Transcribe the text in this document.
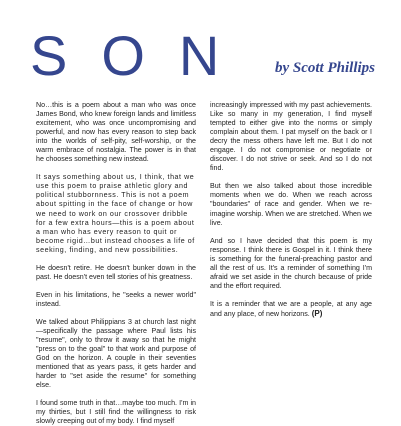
SON by Scott Phillips

No…this is a poem about a man who was once James Bond, who knew foreign lands and limitless excitement, who was once uncompromising and powerful, and now has every reason to step back into the worlds of self-pity, self-worship, or the warm embrace of nostalgia. The power is in that he chooses something new instead.

It says something about us, I think, that we use this poem to praise athletic glory and political stubbornness. This is not a poem about spitting in the face of change or how we need to work on our crossover dribble for a few extra hours—this is a poem about a man who has every reason to quit or become rigid…but instead chooses a life of seeking, finding, and new possibilities.

He doesn't retire. He doesn't bunker down in the past. He doesn't even tell stories of his greatness.

Even in his limitations, he "seeks a newer world" instead.

We talked about Philippians 3 at church last night—specifically the passage where Paul lists his "resume", only to throw it away so that he might "press on to the goal" to that work and purpose of God on the horizon. A couple in their seventies mentioned that as years pass, it gets harder and harder to "set aside the resume" for something else.

I found some truth in that…maybe too much. I'm in my thirties, but I still find the willingness to risk slowly creeping out of my body. I find myself

increasingly impressed with my past achievements. Like so many in my generation, I find myself tempted to either give into the norms or simply complain about them. I pat myself on the back or I decry the mess others have left me. But I do not engage. I do not compromise or negotiate or discover. I do not strive or seek. And so I do not find.

But then we also talked about those incredible moments when we do. When we reach across "boundaries" of race and gender. When we re-imagine worship. When we are stretched. When we live.

And so I have decided that this poem is my response. I think there is Gospel in it. I think there is something for the funeral-preaching pastor and all the rest of us. It's a reminder of something I'm afraid we set aside in the church because of pride and the effort required.

It is a reminder that we are a people, at any age and any place, of new horizons. (P)
